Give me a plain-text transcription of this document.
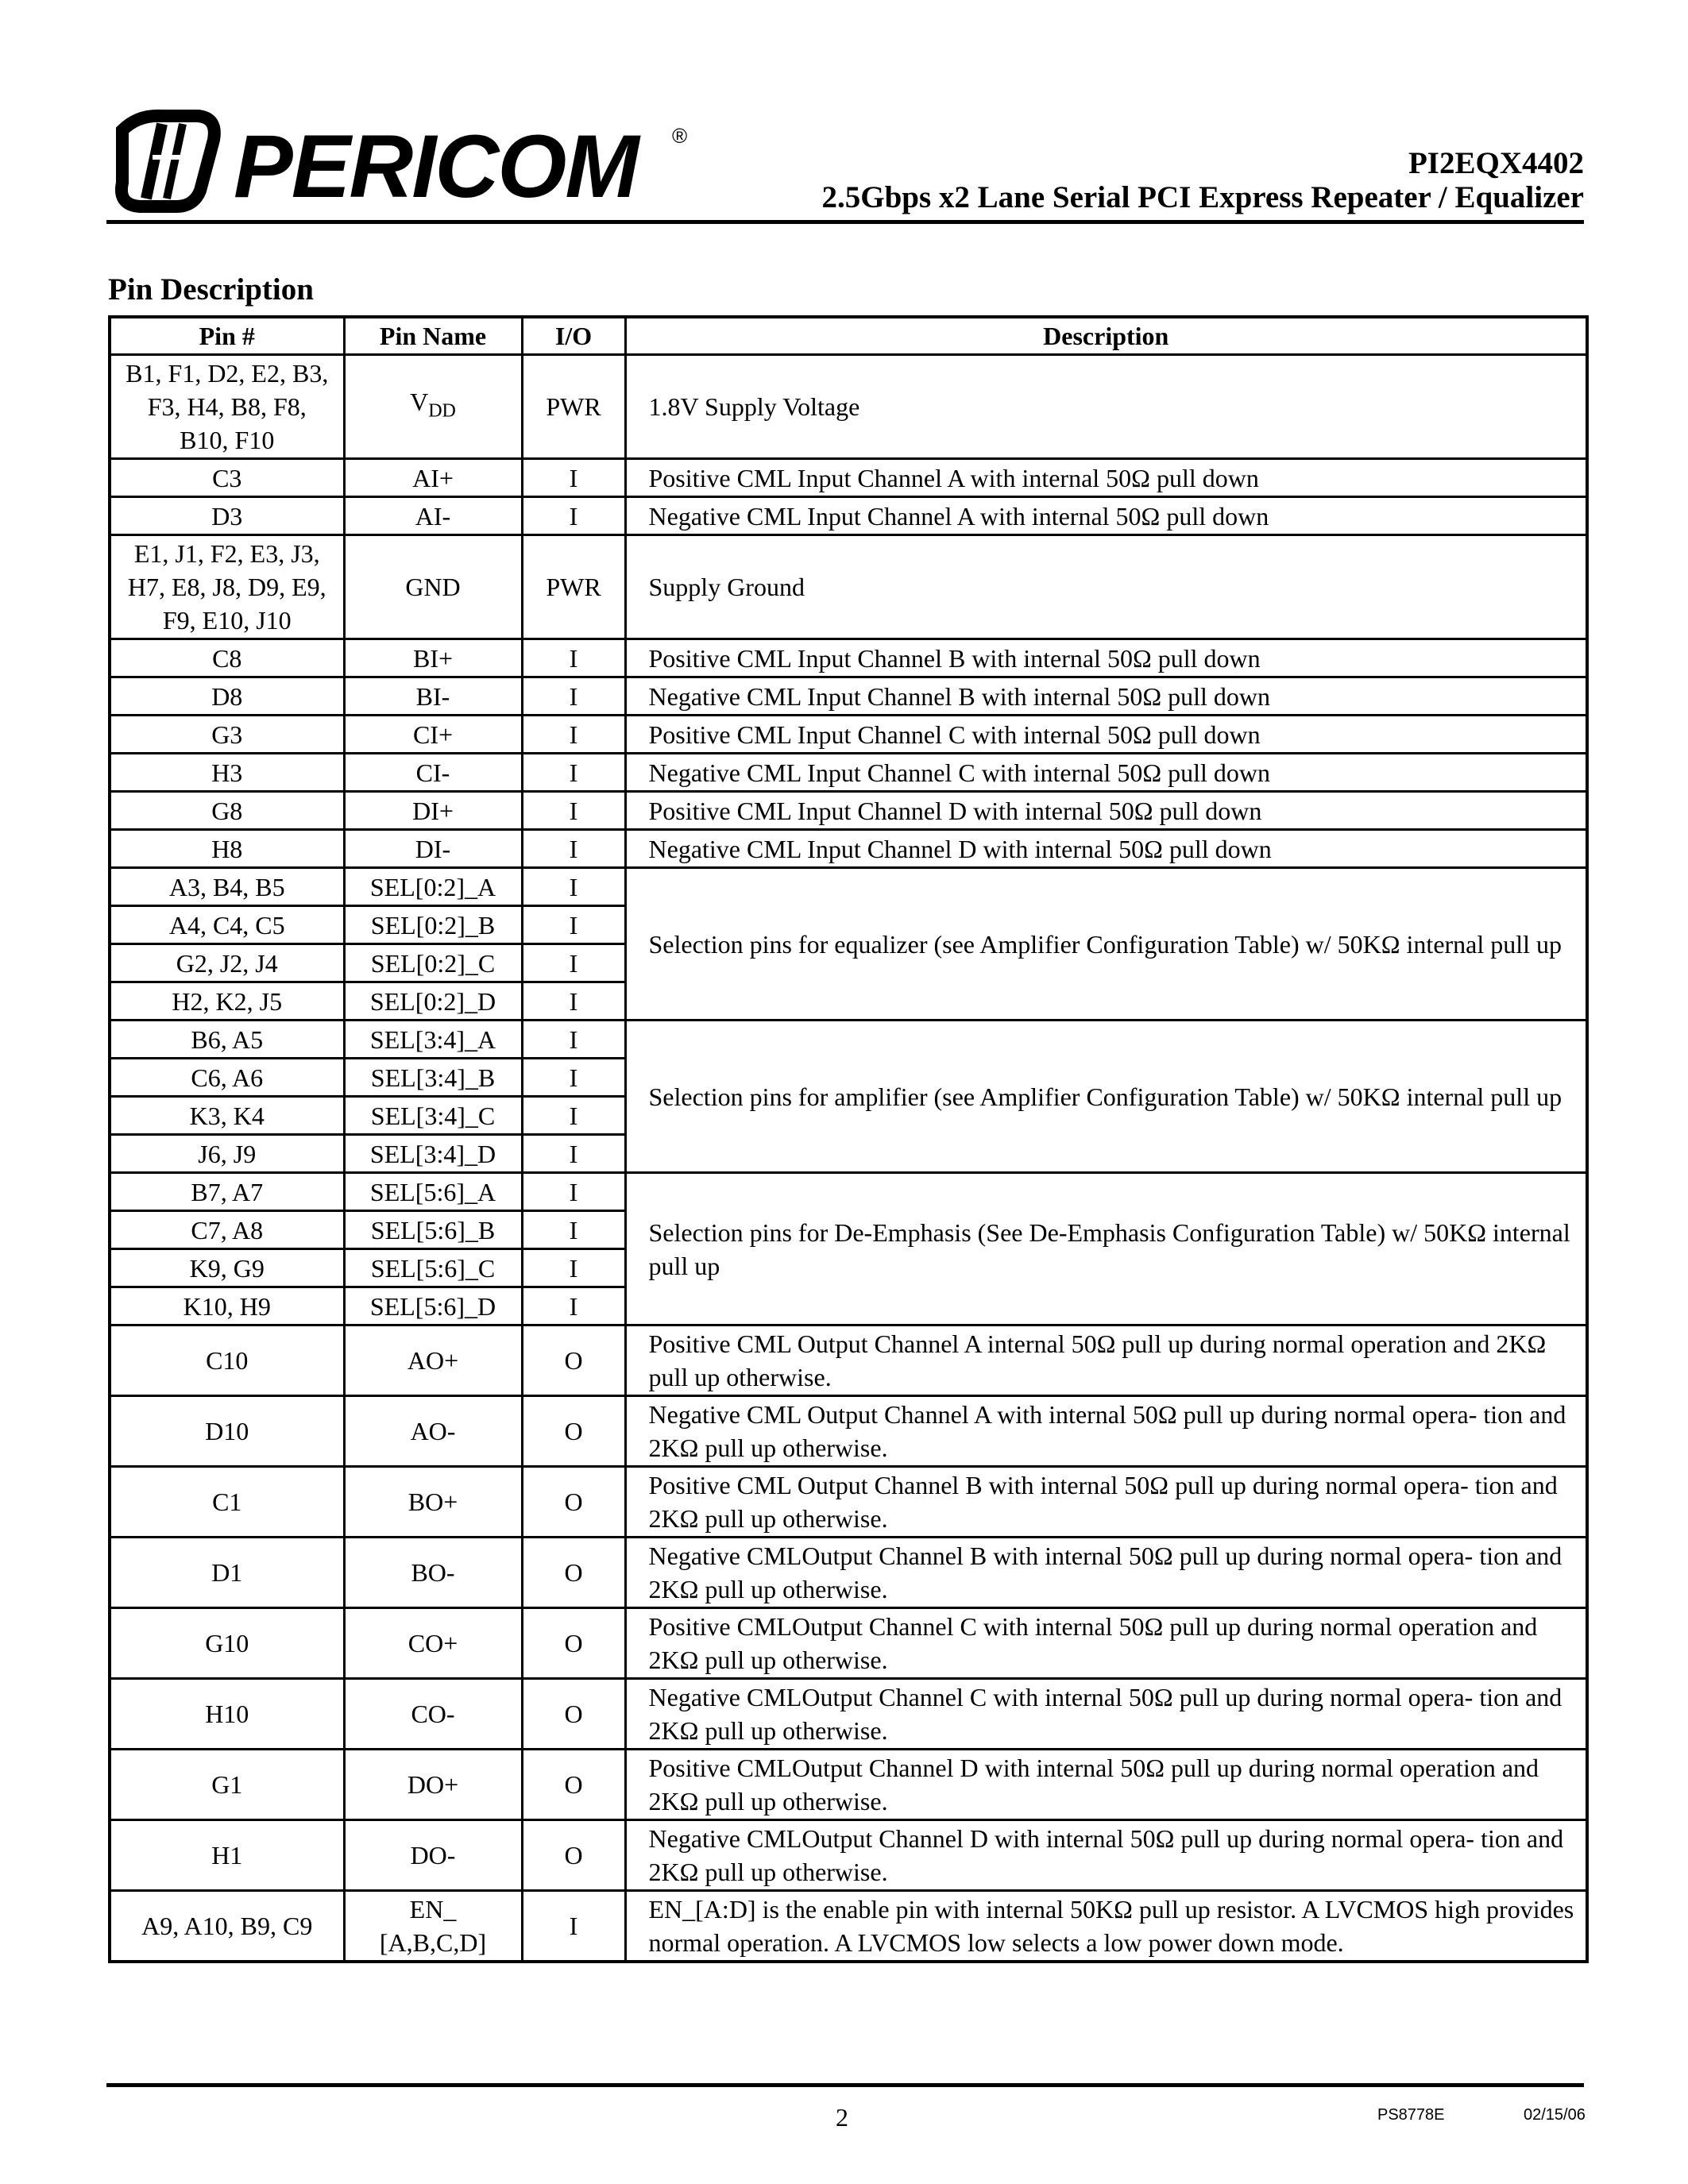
PERICOM ®
PI2EQX4402
2.5Gbps x2 Lane Serial PCI Express Repeater / Equalizer
Pin Description
Pin #	Pin Name	I/O	Description
B1, F1, D2, E2, B3, F3, H4, B8, F8, B10, F10	$V_{DD}$	PWR	1.8V Supply Voltage
C3	AI+	I	Positive CML Input Channel A with internal 50Ω pull down
D3	AI-	I	Negative CML Input Channel A with internal 50Ω pull down
E1, J1, F2, E3, J3, H7, E8, J8, D9, E9, F9, E10, J10	GND	PWR	Supply Ground
C8	BI+	I	Positive CML Input Channel B with internal 50Ω pull down
D8	BI-	I	Negative CML Input Channel B with internal 50Ω pull down
G3	CI+	I	Positive CML Input Channel C with internal 50Ω pull down
H3	CI-	I	Negative CML Input Channel C with internal 50Ω pull down
G8	DI+	I	Positive CML Input Channel D with internal 50Ω pull down
H8	DI-	I	Negative CML Input Channel D with internal 50Ω pull down
A3, B4, B5	SEL[0:2]_A	I	Selection pins for equalizer (see Amplifier Configuration Table) w/ 50KΩ internal pull up
A4, C4, C5	SEL[0:2]_B	I	
G2, J2, J4	SEL[0:2]_C	I	
H2, K2, J5	SEL[0:2]_D	I	
B6, A5	SEL[3:4]_A	I	Selection pins for amplifier (see Amplifier Configuration Table) w/ 50KΩ internal pull up
C6, A6	SEL[3:4]_B	I	
K3, K4	SEL[3:4]_C	I	
J6, J9	SEL[3:4]_D	I	
B7, A7	SEL[5:6]_A	I	Selection pins for De-Emphasis (See De-Emphasis Configuration Table) w/ 50KΩ internal pull up
C7, A8	SEL[5:6]_B	I	
K9, G9	SEL[5:6]_C	I	
K10, H9	SEL[5:6]_D	I	
C10	AO+	O	Positive CML Output Channel A internal 50Ω pull up during normal operation and 2KΩ pull up otherwise.
D10	AO-	O	Negative CML Output Channel A with internal 50Ω pull up during normal opera- tion and 2KΩ pull up otherwise.
C1	BO+	O	Positive CML Output Channel B with internal 50Ω pull up during normal opera- tion and 2KΩ pull up otherwise.
D1	BO-	O	Negative CMLOutput Channel B with internal 50Ω pull up during normal opera- tion and 2KΩ pull up otherwise.
G10	CO+	O	Positive CMLOutput Channel C with internal 50Ω pull up during normal operation and 2KΩ pull up otherwise.
H10	CO-	O	Negative CMLOutput Channel C with internal 50Ω pull up during normal opera- tion and 2KΩ pull up otherwise.
G1	DO+	O	Positive CMLOutput Channel D with internal 50Ω pull up during normal operation and 2KΩ pull up otherwise.
H1	DO-	O	Negative CMLOutput Channel D with internal 50Ω pull up during normal opera- tion and 2KΩ pull up otherwise.
A9, A10, B9, C9	EN_ [A,B,C,D]	I	EN_[A:D] is the enable pin with internal 50KΩ pull up resistor. A LVCMOS high provides normal operation. A LVCMOS low selects a low power down mode.
2	PS8778E	02/15/06
